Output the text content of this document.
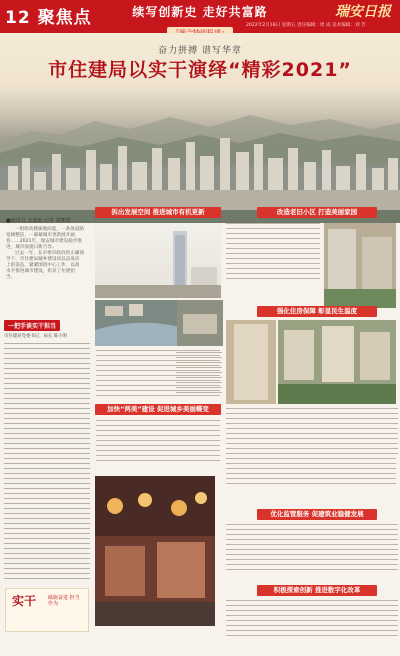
12 聚焦点	续写创新史 走好共富路
2022年2月18日 星期五 责任编辑：周 成 美术编辑：刘 芳
瑞安日报
奋力拼搏 谱写华章
市住建局以实干演绎“精彩2021”
■通讯员 金嘉怡 记者 刘梦瑶
一组组高楼拔地而起，一条条道路宽阔整洁，一幕幕城市更新展开画卷……2021年，瑞安城市建设稳步推进，城市面貌日新月异。
过去一年，在市委市政府的正确领导下，市住建局城乡建设同以奋发向上的姿态，紧紧围绕中心工作，以高水平推进城市建设，彰显了住建担当。
一把手谈实干担当
市住建局党委书记、局长 陈小明
实干 砥砺奋进 担当作为
拆出发展空间 推进城市有机更新	改造老旧小区 打造美丽家园
强化住房保障 彰显民生温度
加快“两美”建设 促进城乡美丽蝶变
优化监管服务 促建筑业稳健发展
积极探索创新 推进数字化改革
